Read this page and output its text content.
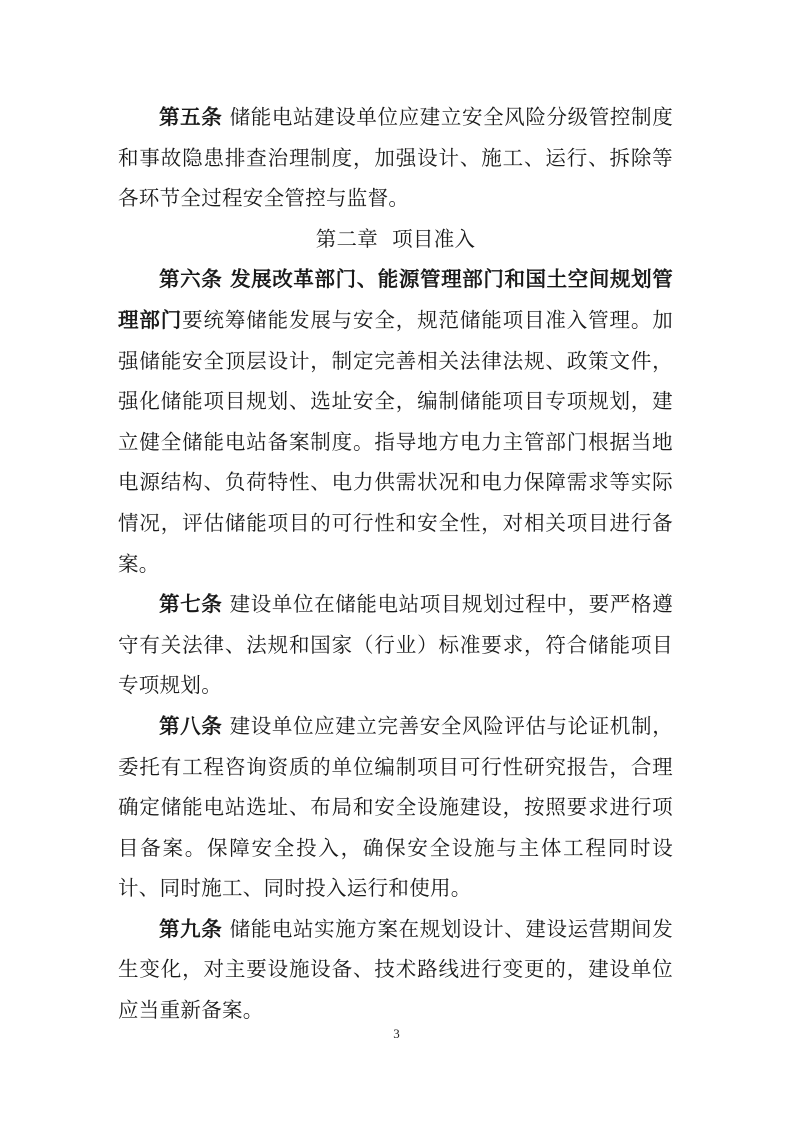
第五条 储能电站建设单位应建立安全风险分级管控制度和事故隐患排查治理制度，加强设计、施工、运行、拆除等各环节全过程安全管控与监督。

第二章 项目准入

第六条 发展改革部门、能源管理部门和国土空间规划管理部门要统筹储能发展与安全，规范储能项目准入管理。加强储能安全顶层设计，制定完善相关法律法规、政策文件，强化储能项目规划、选址安全，编制储能项目专项规划，建立健全储能电站备案制度。指导地方电力主管部门根据当地电源结构、负荷特性、电力供需状况和电力保障需求等实际情况，评估储能项目的可行性和安全性，对相关项目进行备案。

第七条 建设单位在储能电站项目规划过程中，要严格遵守有关法律、法规和国家（行业）标准要求，符合储能项目专项规划。

第八条 建设单位应建立完善安全风险评估与论证机制，委托有工程咨询资质的单位编制项目可行性研究报告，合理确定储能电站选址、布局和安全设施建设，按照要求进行项目备案。保障安全投入，确保安全设施与主体工程同时设计、同时施工、同时投入运行和使用。

第九条 储能电站实施方案在规划设计、建设运营期间发生变化，对主要设施设备、技术路线进行变更的，建设单位应当重新备案。

3
